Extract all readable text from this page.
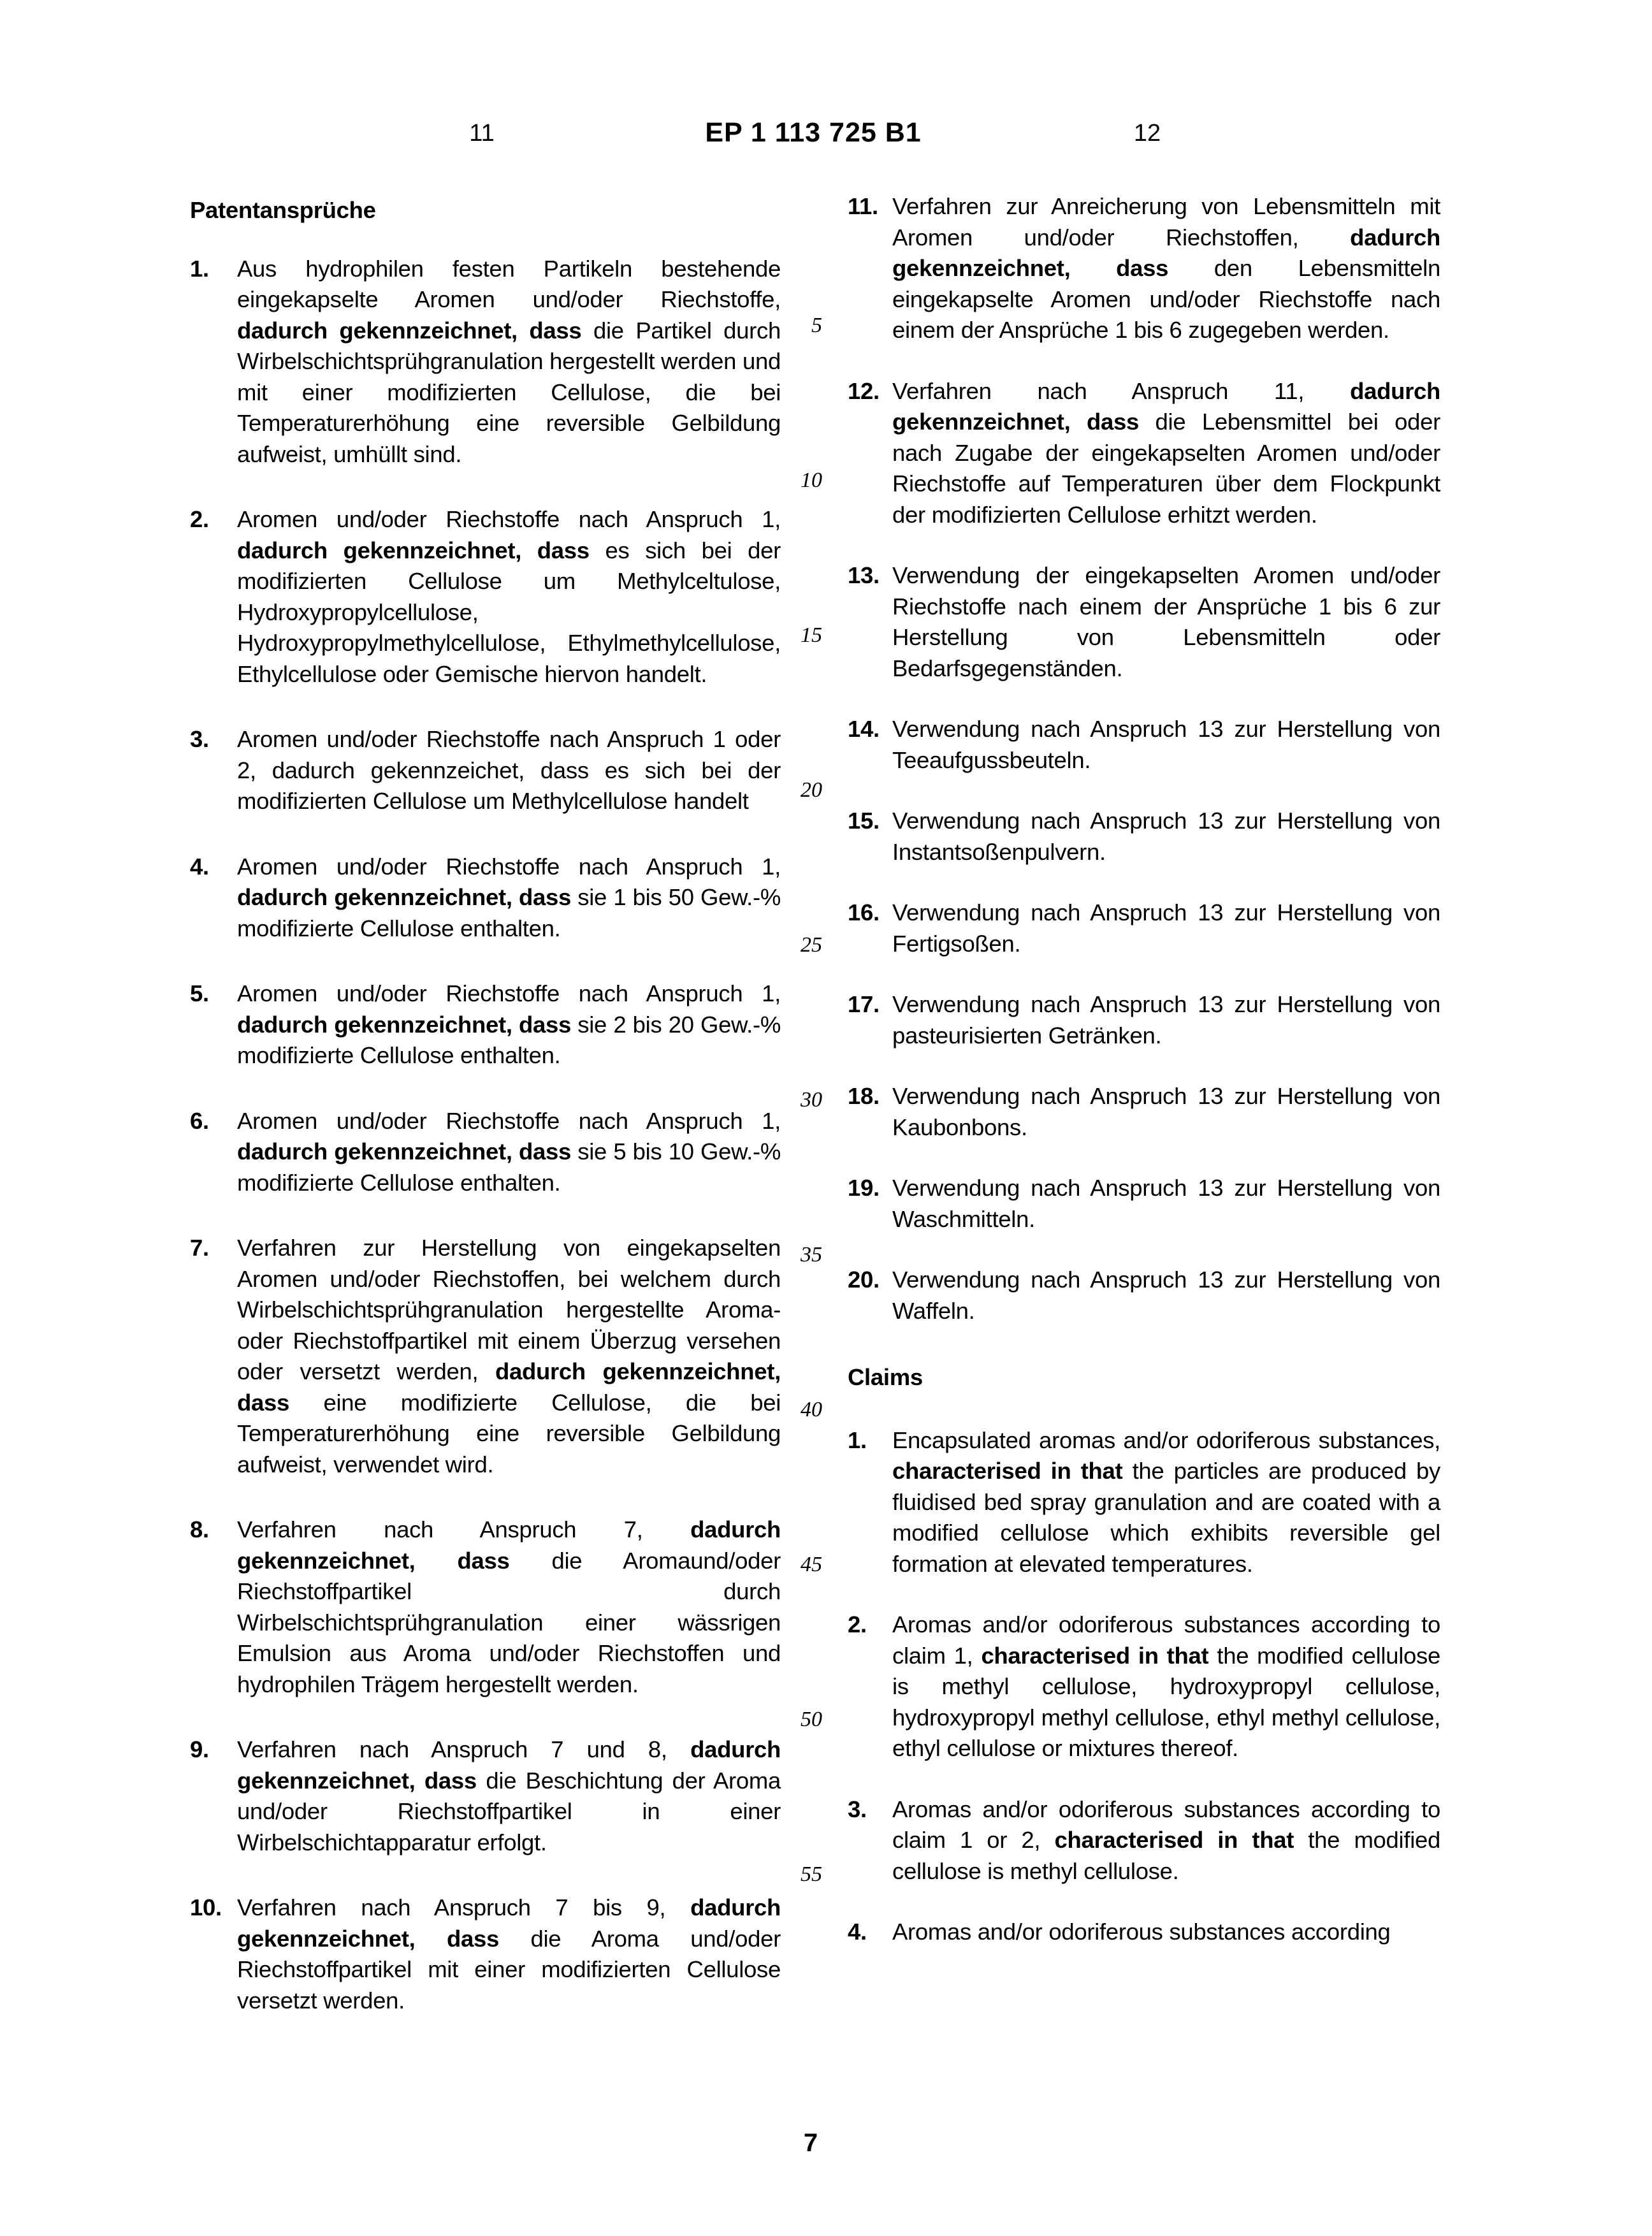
11	EP 1 113 725 B1	12
5
10
15
20
25
30
35
40
45
50
55
Patentansprüche
1.	Aus hydrophilen festen Partikeln bestehende eingekapselte Aromen und/oder Riechstoffe, dadurch gekennzeichnet, dass die Partikel durch Wirbelschichtsprühgranulation hergestellt werden und mit einer modifizierten Cellulose, die bei Temperaturerhöhung eine reversible Gelbildung aufweist, umhüllt sind.
2.	Aromen und/oder Riechstoffe nach Anspruch 1, dadurch gekennzeichnet, dass es sich bei der modifizierten Cellulose um Methylceltulose, Hydroxypropylcellulose, Hydroxypropylmethylcellulose, Ethylmethylcellulose, Ethylcellulose oder Gemische hiervon handelt.
3.	Aromen und/oder Riechstoffe nach Anspruch 1 oder 2, dadurch gekennzeichet, dass es sich bei der modifizierten Cellulose um Methylcellulose handelt
4.	Aromen und/oder Riechstoffe nach Anspruch 1, dadurch gekennzeichnet, dass sie 1 bis 50 Gew.-% modifizierte Cellulose enthalten.
5.	Aromen und/oder Riechstoffe nach Anspruch 1, dadurch gekennzeichnet, dass sie 2 bis 20 Gew.-% modifizierte Cellulose enthalten.
6.	Aromen und/oder Riechstoffe nach Anspruch 1, dadurch gekennzeichnet, dass sie 5 bis 10 Gew.-% modifizierte Cellulose enthalten.
7.	Verfahren zur Herstellung von eingekapselten Aromen und/oder Riechstoffen, bei welchem durch Wirbelschichtsprühgranulation hergestellte Aroma- oder Riechstoffpartikel mit einem Überzug versehen oder versetzt werden, dadurch gekennzeichnet, dass eine modifizierte Cellulose, die bei Temperaturerhöhung eine reversible Gelbildung aufweist, verwendet wird.
8.	Verfahren nach Anspruch 7, dadurch gekennzeichnet, dass die Aromaund/oder Riechstoffpartikel durch Wirbelschichtsprühgranulation einer wässrigen Emulsion aus Aroma und/oder Riechstoffen und hydrophilen Trägem hergestellt werden.
9.	Verfahren nach Anspruch 7 und 8, dadurch gekennzeichnet, dass die Beschichtung der Aroma und/oder Riechstoffpartikel in einer Wirbelschichtapparatur erfolgt.
10. Verfahren nach Anspruch 7 bis 9, dadurch gekennzeichnet, dass die Aroma und/oder Riechstoffpartikel mit einer modifizierten Cellulose versetzt werden.
11. Verfahren zur Anreicherung von Lebensmitteln mit Aromen und/oder Riechstoffen, dadurch gekennzeichnet, dass den Lebensmitteln eingekapselte Aromen und/oder Riechstoffe nach einem der Ansprüche 1 bis 6 zugegeben werden.
12. Verfahren nach Anspruch 11, dadurch gekennzeichnet, dass die Lebensmittel bei oder nach Zugabe der eingekapselten Aromen und/oder Riechstoffe auf Temperaturen über dem Flockpunkt der modifizierten Cellulose erhitzt werden.
13. Verwendung der eingekapselten Aromen und/oder Riechstoffe nach einem der Ansprüche 1 bis 6 zur Herstellung von Lebensmitteln oder Bedarfsgegenständen.
14. Verwendung nach Anspruch 13 zur Herstellung von Teeaufgussbeuteln.
15. Verwendung nach Anspruch 13 zur Herstellung von Instantsoßenpulvern.
16. Verwendung nach Anspruch 13 zur Herstellung von Fertigsoßen.
17. Verwendung nach Anspruch 13 zur Herstellung von pasteurisierten Getränken.
18. Verwendung nach Anspruch 13 zur Herstellung von Kaubonbons.
19. Verwendung nach Anspruch 13 zur Herstellung von Waschmitteln.
20. Verwendung nach Anspruch 13 zur Herstellung von Waffeln.
Claims
1.	Encapsulated aromas and/or odoriferous substances, characterised in that the particles are produced by fluidised bed spray granulation and are coated with a modified cellulose which exhibits reversible gel formation at elevated temperatures.
2.	Aromas and/or odoriferous substances according to claim 1, characterised in that the modified cellulose is methyl cellulose, hydroxypropyl cellulose, hydroxypropyl methyl cellulose, ethyl methyl cellulose, ethyl cellulose or mixtures thereof.
3.	Aromas and/or odoriferous substances according to claim 1 or 2, characterised in that the modified cellulose is methyl cellulose.
4.	Aromas and/or odoriferous substances according
7
